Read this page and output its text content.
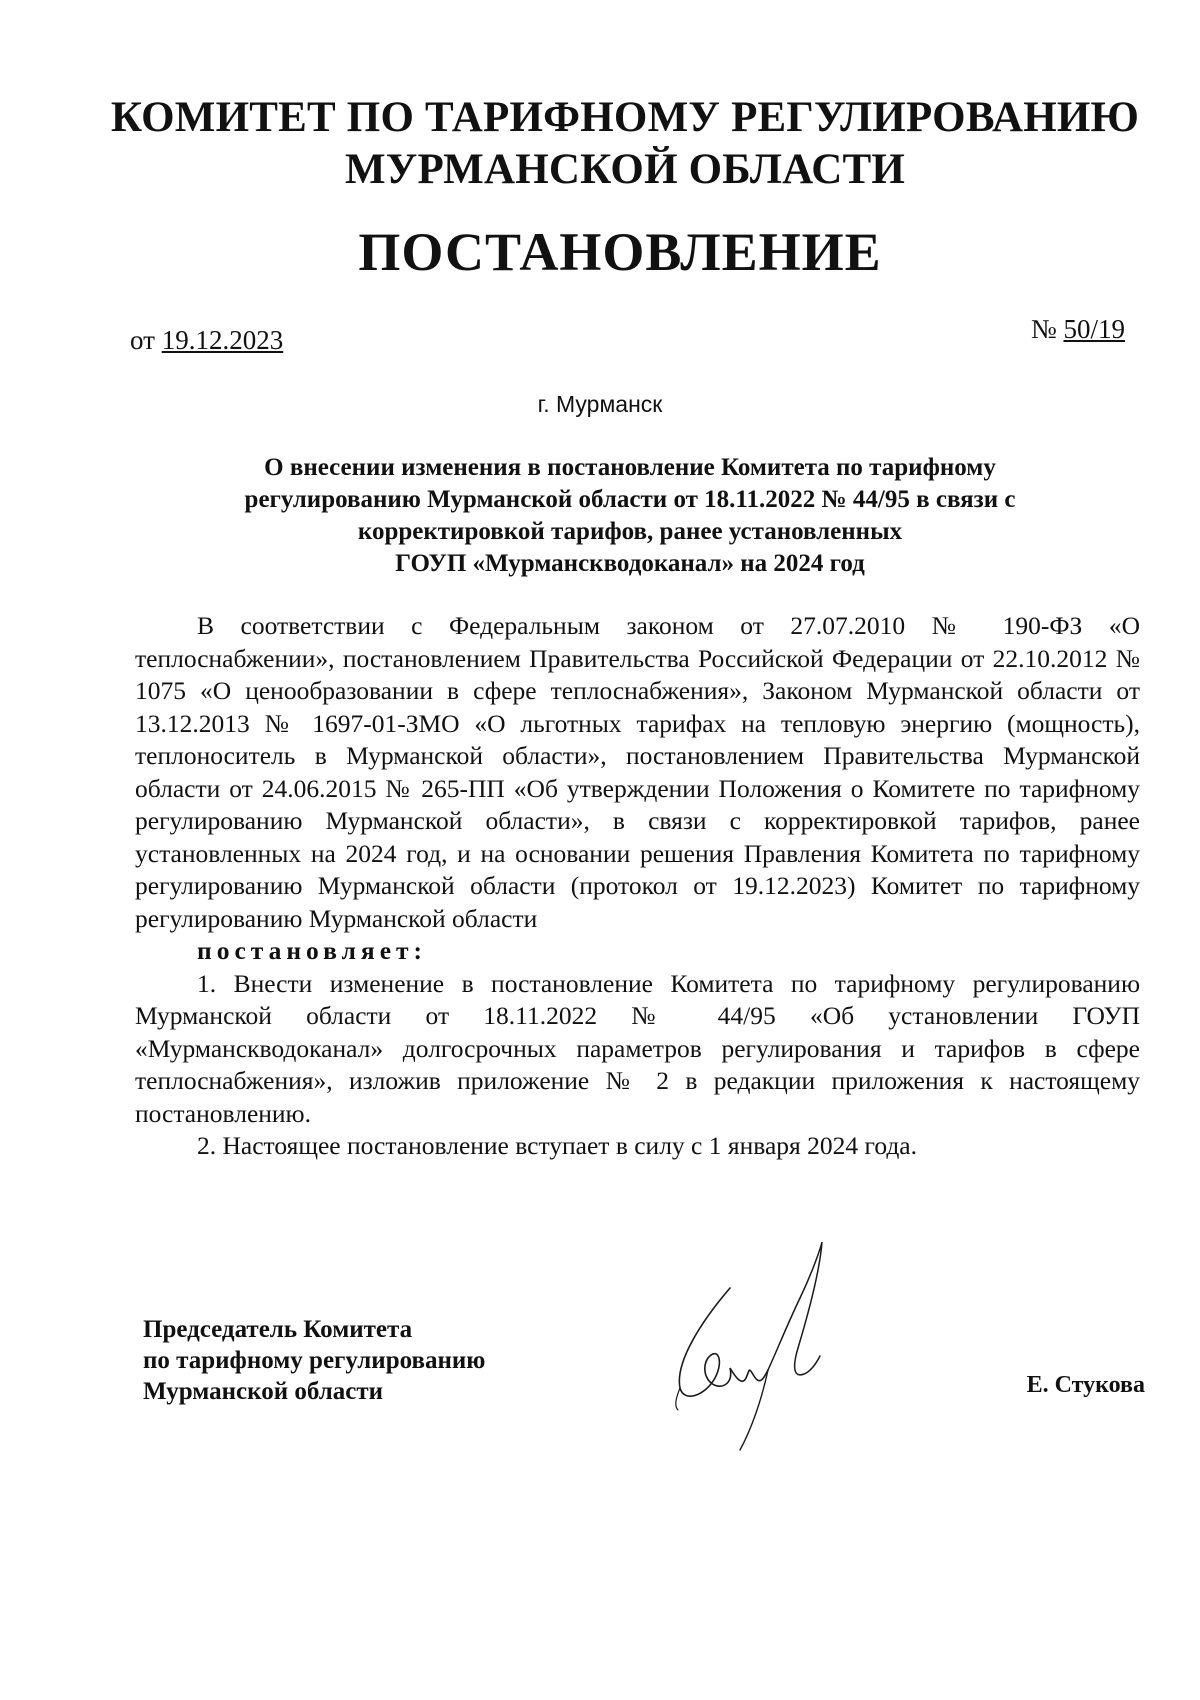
КОМИТЕТ ПО ТАРИФНОМУ РЕГУЛИРОВАНИЮ
МУРМАНСКОЙ ОБЛАСТИ
ПОСТАНОВЛЕНИЕ
от 19.12.2023	№ 50/19
г. Мурманск
О внесении изменения в постановление Комитета по тарифному
регулированию Мурманской области от 18.11.2022 № 44/95 в связи с
корректировкой тарифов, ранее установленных
ГОУП «Мурманскводоканал» на 2024 год

В соответствии с Федеральным законом от 27.07.2010 № 190-ФЗ «О теплоснабжении», постановлением Правительства Российской Федерации от 22.10.2012 № 1075 «О ценообразовании в сфере теплоснабжения», Законом Мурманской области от 13.12.2013 № 1697-01-ЗМО «О льготных тарифах на тепловую энергию (мощность), теплоноситель в Мурманской области», постановлением Правительства Мурманской области от 24.06.2015 № 265-ПП «Об утверждении Положения о Комитете по тарифному регулированию Мурманской области», в связи с корректировкой тарифов, ранее установленных на 2024 год, и на основании решения Правления Комитета по тарифному регулированию Мурманской области (протокол от 19.12.2023) Комитет по тарифному регулированию Мурманской области

постановляет:

1. Внести изменение в постановление Комитета по тарифному регулированию Мурманской области от 18.11.2022 № 44/95 «Об установлении ГОУП «Мурманскводоканал» долгосрочных параметров регулирования и тарифов в сфере теплоснабжения», изложив приложение № 2 в редакции приложения к настоящему постановлению.

2. Настоящее постановление вступает в силу с 1 января 2024 года.

Председатель Комитета
по тарифному регулированию
Мурманской области	Е. Стукова
